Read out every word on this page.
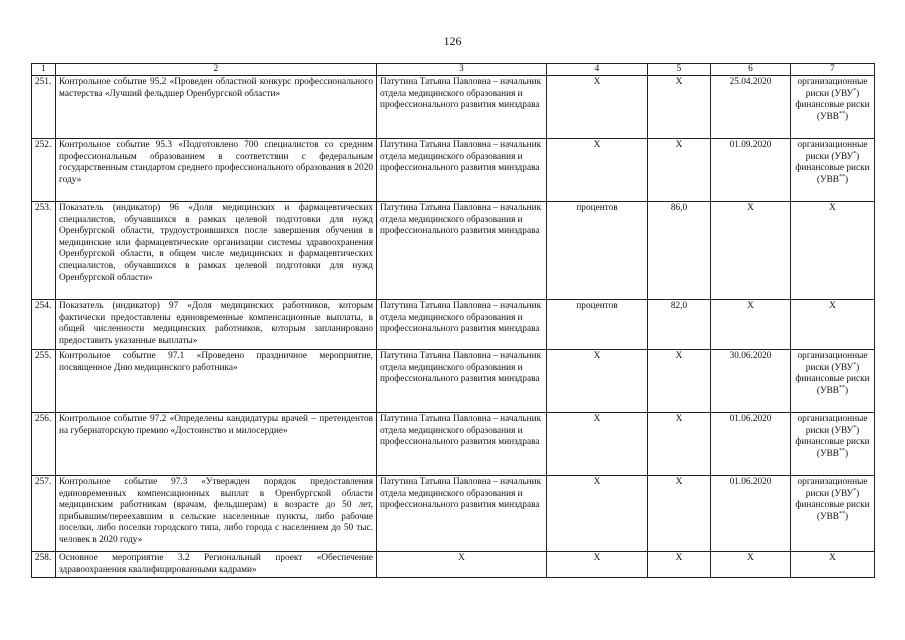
126
1	2	3	4	5	6	7
251.	Контрольное событие 95.2 «Проведен областной конкурс профессионального мастерства «Лучший фельдшер Оренбургской области»	Патутина Татьяна Павловна – начальник отдела медицинского образования и профессионального развития минздрава	X	X	25.04.2020	организационные риски (УВУ*) финансовые риски (УВВ**)
252.	Контрольное событие 95.3 «Подготовлено 700 специалистов со средним профессиональным образованием в соответствии с федеральным государственным стандартом среднего профессионального образования в 2020 году»	Патутина Татьяна Павловна – начальник отдела медицинского образования и профессионального развития минздрава	X	X	01.09.2020	организационные риски (УВУ*) финансовые риски (УВВ**)
253.	Показатель (индикатор) 96 «Доля медицинских и фармацевтических специалистов, обучавшихся в рамках целевой подготовки для нужд Оренбургской области, трудоустроившихся после завершения обучения в медицинские или фармацевтические организации системы здравоохранения Оренбургской области, в общем числе медицинских и фармацевтических специалистов, обучавшихся в рамках целевой подготовки для нужд Оренбургской области»	Патутина Татьяна Павловна – начальник отдела медицинского образования и профессионального развития минздрава	процентов	86,0	X	X
254.	Показатель (индикатор) 97 «Доля медицинских работников, которым фактически предоставлены единовременные компенсационные выплаты, в общей численности медицинских работников, которым запланировано предоставить указанные выплаты»	Патутина Татьяна Павловна – начальник отдела медицинского образования и профессионального развития минздрава	процентов	82,0	X	X
255.	Контрольное событие 97.1 «Проведено праздничное мероприятие, посвященное Дню медицинского работника»	Патутина Татьяна Павловна – начальник отдела медицинского образования и профессионального развития минздрава	X	X	30.06.2020	организационные риски (УВУ*) финансовые риски (УВВ**)
256.	Контрольное событие 97.2 «Определены кандидатуры врачей – претендентов на губернаторскую премию «Достоинство и милосердие»	Патутина Татьяна Павловна – начальник отдела медицинского образования и профессионального развития минздрава	X	X	01.06.2020	организационные риски (УВУ*) финансовые риски (УВВ**)
257.	Контрольное событие 97.3 «Утвержден порядок предоставления единовременных компенсационных выплат в Оренбургской области медицинским работникам (врачам, фельдшерам) в возрасте до 50 лет, прибывшим/переехавшим в сельские населенные пункты, либо рабочие поселки, либо поселки городского типа, либо города с населением до 50 тыс. человек в 2020 году»	Патутина Татьяна Павловна – начальник отдела медицинского образования и профессионального развития минздрава	X	X	01.06.2020	организационные риски (УВУ*) финансовые риски (УВВ**)
258.	Основное мероприятие 3.2 Региональный проект «Обеспечение здравоохранения квалифицированными кадрами»	X	X	X	X	X
